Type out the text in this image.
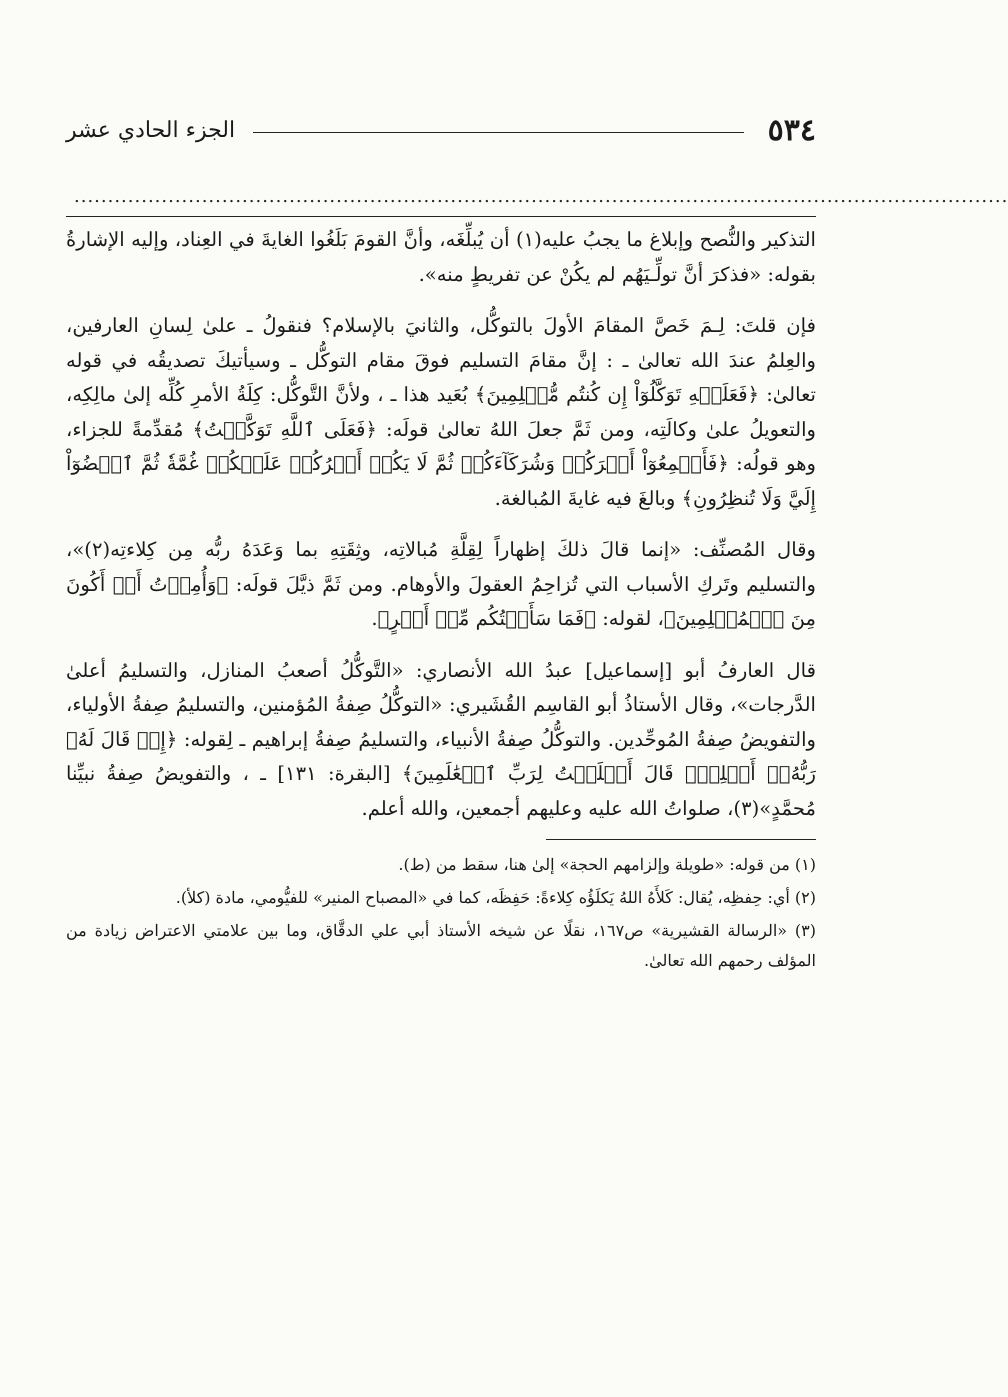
٥٣٤
الجزء الحادي عشر
...........................................................................................................................................

التذكير والنُّصح وإبلاغ ما يجبُ عليه(١) أن يُبلِّغَه، وأنَّ القومَ بَلَغُوا الغايةَ في العِناد، وإليه الإشارةُ بقوله: «فذكرَ أنَّ تولِّـيَهُم لم يكُنْ عن تفريطٍ منه».

فإن قلتَ: لِـمَ خَصَّ المقامَ الأولَ بالتوكُّل، والثانيَ بالإسلام؟ فنقولُ ـ علىٰ لِسانِ العارفين، والعِلمُ عندَ الله تعالىٰ ـ : إنَّ مقامَ التسليم فوقَ مقام التوكُّل ـ وسيأتيكَ تصديقُه في قوله تعالىٰ: ﴿فَعَلَيۡهِ تَوَكَّلُوٓاْ إِن كُنتُم مُّسۡلِمِينَ﴾ بُعَيد هذا ـ ، ولأنَّ التَّوكُّل: كِلَةُ الأمرِ كُلِّه إلىٰ مالِكِه، والتعويلُ علىٰ وكالَتِه، ومن ثَمَّ جعلَ اللهُ تعالىٰ قولَه: ﴿فَعَلَى ٱللَّهِ تَوَكَّلۡتُ﴾ مُقدِّمةً للجزاء، وهو قولُه: ﴿فَأَجۡمِعُوٓاْ أَمۡرَكُمۡ وَشُرَكَآءَكُمۡ ثُمَّ لَا يَكُنۡ أَمۡرُكُمۡ عَلَيۡكُمۡ غُمَّةٗ ثُمَّ ٱقۡضُوٓاْ إِلَيَّ وَلَا تُنظِرُونِ﴾ وبالغَ فيه غايةَ المُبالغة.

وقال المُصنِّف: «إنما قالَ ذلكَ إظهاراً لِقِلَّةِ مُبالاتِه، وثِقَتِهِ بما وَعَدَهُ ربُّه مِن كِلاءتِه(٢)»، والتسليم وتَركِ الأسباب التي تُزاحِمُ العقولَ والأوهام. ومن ثَمَّ ذيَّلَ قولَه: ﴿وَأُمِرۡتُ أَنۡ أَكُونَ مِنَ ٱلۡمُسۡلِمِينَ﴾، لقوله: ﴿فَمَا سَأَلۡتُكُم مِّنۡ أَجۡرٍ﴾.

قال العارفُ أبو [إسماعيل] عبدُ الله الأنصاري: «التَّوكُّلُ أصعبُ المنازل، والتسليمُ أعلىٰ الدَّرجات»، وقال الأستاذُ أبو القاسِم القُشَيري: «التوكُّلُ صِفةُ المُؤمنين، والتسليمُ صِفةُ الأولياء، والتفويضُ صِفةُ المُوحِّدين. والتوكُّلُ صِفةُ الأنبياء، والتسليمُ صِفةُ إبراهيم ـ لِقوله: ﴿إِذۡ قَالَ لَهُۥ رَبُّهُۥٓ أَسۡلِمۡۖ قَالَ أَسۡلَمۡتُ لِرَبِّ ٱلۡعَٰلَمِينَ﴾ [البقرة: ١٣١] ـ ، والتفويضُ صِفةُ نبيِّنا مُحمَّدٍ»(٣)، صلواتُ الله عليه وعليهم أجمعين، والله أعلم.

(١) من قوله: «طويلة وإلزامهم الحجة» إلىٰ هنا، سقط من (ط).

(٢) أي: حِفظِه، يُقال: كَلأَهُ اللهُ يَكلَؤُه كِلاءةً: حَفِظَه، كما في «المصباح المنير» للفيُّومي، مادة (كلأ).

(٣) «الرسالة القشيرية» ص١٦٧، نقلًا عن شيخه الأستاذ أبي علي الدقَّاق، وما بين علامتي الاعتراض زيادة من المؤلف رحمهم الله تعالىٰ.
